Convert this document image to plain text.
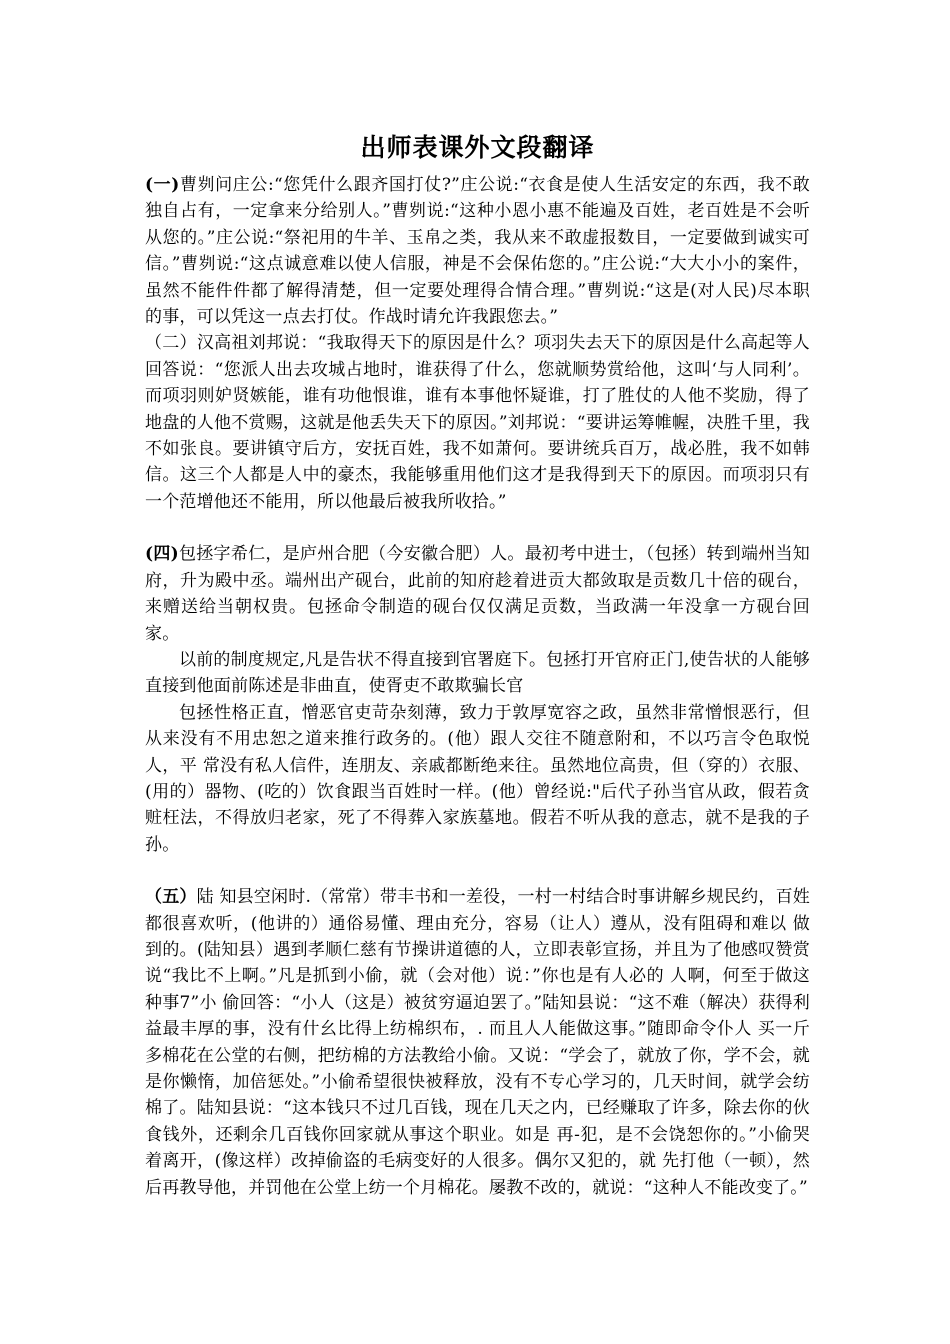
出师表课外文段翻译

(一)曹刿问庄公:“您凭什么跟齐国打仗?”庄公说:“衣食是使人生活安定的东西，我不敢独自占有，一定拿来分给别人。”曹刿说:“这种小恩小惠不能遍及百姓，老百姓是不会听从您的。”庄公说:“祭祀用的牛羊、玉帛之类，我从来不敢虚报数目，一定要做到诚实可信。”曹刿说:“这点诚意难以使人信服，神是不会保佑您的。”庄公说:“大大小小的案件，虽然不能件件都了解得清楚，但一定要处理得合情合理。”曹刿说:“这是(对人民)尽本职的事，可以凭这一点去打仗。作战时请允许我跟您去。”

（二）汉高祖刘邦说：“我取得天下的原因是什么？项羽失去天下的原因是什么高起等人回答说：“您派人出去攻城占地时，谁获得了什么，您就顺势赏给他，这叫‘与人同利’。而项羽则妒贤嫉能，谁有功他恨谁，谁有本事他怀疑谁，打了胜仗的人他不奖励，得了地盘的人他不赏赐，这就是他丢失天下的原因。”刘邦说：“要讲运筹帷幄，决胜千里，我不如张良。要讲镇守后方，安抚百姓，我不如萧何。要讲统兵百万，战必胜，我不如韩信。这三个人都是人中的豪杰，我能够重用他们这才是我得到天下的原因。而项羽只有一个范增他还不能用，所以他最后被我所收拾。”

(四)包拯字希仁，是庐州合肥（今安徽合肥）人。最初考中进士，（包拯）转到端州当知府，升为殿中丞。端州出产砚台，此前的知府趁着进贡大都敛取是贡数几十倍的砚台，来赠送给当朝权贵。包拯命令制造的砚台仅仅满足贡数，当政满一年没拿一方砚台回家。

以前的制度规定,凡是告状不得直接到官署庭下。包拯打开官府正门,使告状的人能够直接到他面前陈述是非曲直，使胥吏不敢欺骗长官

包拯性格正直，憎恶官吏苛杂刻薄，致力于敦厚宽容之政，虽然非常憎恨恶行，但从来没有不用忠恕之道来推行政务的。(他）跟人交往不随意附和，不以巧言令色取悦人，平 常没有私人信件，连朋友、亲戚都断绝来往。虽然地位高贵，但（穿的）衣服、(用的）器物、(吃的）饮食跟当百姓时一样。(他）曾经说:"后代子孙当官从政，假若贪赃枉法，不得放归老家，死了不得葬入家族墓地。假若不听从我的意志，就不是我的子孙。

（五）陆 知县空闲时.（常常）带丰书和一差役，一村一村结合时事讲解乡规民约，百姓都很喜欢听，(他讲的）通俗易懂、理由充分，容易（让人）遵从，没有阻碍和难以 做到的。(陆知县）遇到孝顺仁慈有节操讲道德的人，立即表彰宣扬，并且为了他感叹赞赏说“我比不上啊。”凡是抓到小偷，就（会对他）说：”你也是有人必的 人啊，何至于做这种事7”小 偷回答：“小人（这是）被贫穷逼迫罢了。”陆知县说：“这不难（解决）获得利益最丰厚的事，没有什幺比得上纺棉织布，. 而且人人能做这事。”随即命令仆人 买一斤多棉花在公堂的右侧，把纺棉的方法教给小偷。又说：“学会了，就放了你，学不会，就是你懒惰，加倍惩处。”小偷希望很快被释放，没有不专心学习的，几天时间，就学会纺棉了。陆知县说：“这本钱只不过几百钱，现在几天之内，已经赚取了许多，除去你的伙食钱外，还剩余几百钱你回家就从事这个职业。如是 再-犯，是不会饶恕你的。”小偷哭着离开，(像这样）改掉偷盗的毛病变好的人很多。偶尔又犯的，就 先打他（一顿），然后再教导他，并罚他在公堂上纺一个月棉花。屡教不改的，就说：“这种人不能改变了。”
